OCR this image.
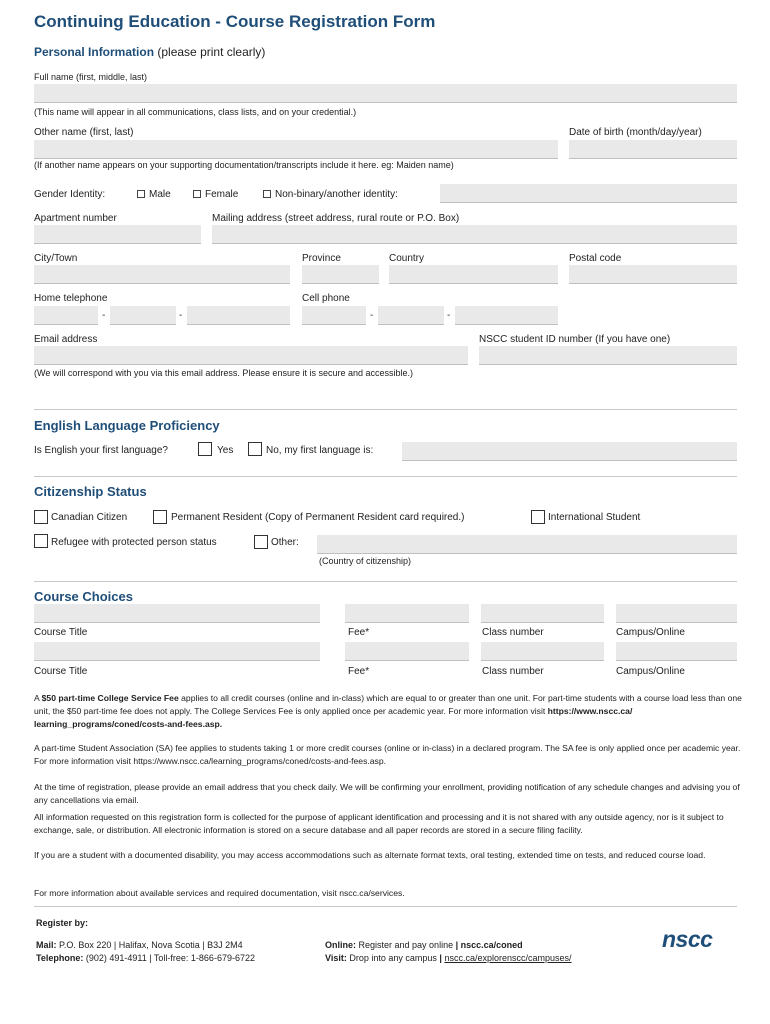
Continuing Education - Course Registration Form
Personal Information (please print clearly)
Full name (first, middle, last)
(This name will appear in all communications, class lists, and on your credential.)
Other name (first, last)	Date of birth (month/day/year)
(If another name appears on your supporting documentation/transcripts include it here. eg: Maiden name)
Gender Identity:	Male	Female	Non-binary/another identity:
Apartment number	Mailing address (street address, rural route or P.O. Box)
City/Town	Province	Country	Postal code
Home telephone	Cell phone
-	-	-	-
Email address	NSCC student ID number (If you have one)
(We will correspond with you via this email address. Please ensure it is secure and accessible.)
English Language Proficiency
Is English your first language?	Yes	No, my first language is:
Citizenship Status
Canadian Citizen	Permanent Resident (Copy of Permanent Resident card required.)	International Student
Refugee with protected person status	Other:
(Country of citizenship)
Course Choices
Course Title	Fee*	Class number	Campus/Online
Course Title	Fee*	Class number	Campus/Online
A $50 part-time College Service Fee applies to all credit courses (online and in-class) which are equal to or greater than one unit. For part-time students with a course load less than one unit, the $50 part-time fee does not apply. The College Services Fee is only applied once per academic year. For more information visit https://www.nscc.ca/ learning_programs/coned/costs-and-fees.asp.
A part-time Student Association (SA) fee applies to students taking 1 or more credit courses (online or in-class) in a declared program. The SA fee is only applied once per academic year. For more information visit https://www.nscc.ca/learning_programs/coned/costs-and-fees.asp.
At the time of registration, please provide an email address that you check daily. We will be confirming your enrollment, providing notification of any schedule changes and advising you of any cancellations via email.
All information requested on this registration form is collected for the purpose of applicant identification and processing and it is not shared with any outside agency, nor is it subject to exchange, sale, or distribution. All electronic information is stored on a secure database and all paper records are stored in a secure filing facility.
If you are a student with a documented disability, you may access accommodations such as alternate format texts, oral testing, extended time on tests, and reduced course load.
For more information about available services and required documentation, visit nscc.ca/services.
Register by:
Mail: P.O. Box 220 | Halifax, Nova Scotia | B3J 2M4
Telephone: (902) 491-4911 | Toll-free: 1-866-679-6722
Online: Register and pay online | nscc.ca/coned
Visit: Drop into any campus | nscc.ca/explorenscc/campuses/
nscc
